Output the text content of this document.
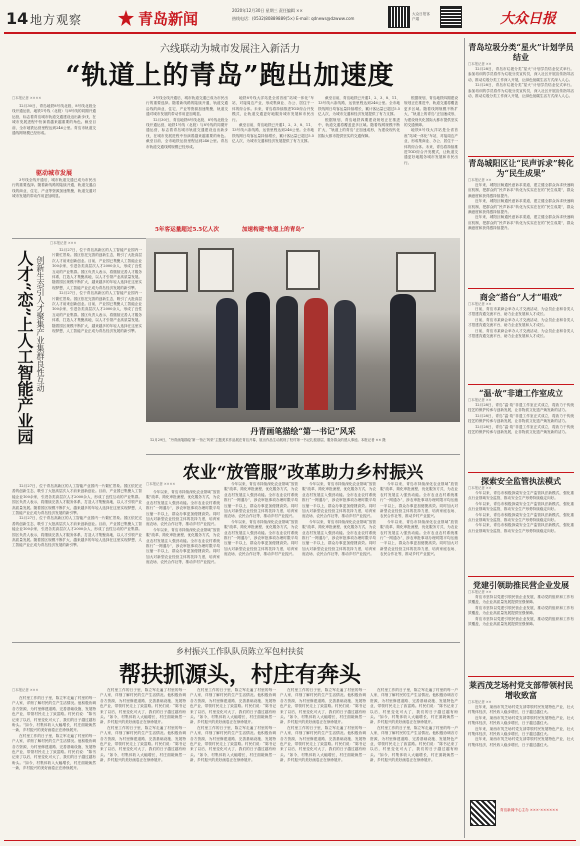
14 地方观察	青岛新闻	2020年12月30日 星期三 责任编辑 ××
热线电话：(0532)80889889(5×) E-mail: qdnews@dzwww.com
大众日报客户端	大众日报
六线联动为城市发展注入新活力
“轨道上的青岛”跑出加速度
□本报记者 ××××

12月30日，青岛地铁8号线北段、8号线北段全线开通运营，地铁1号线（北段）与8号线的同期开通运营，标志着青岛城市轨道交通建设迈出新步伐，在城市发展进程中扮演着越来越重要的角色。截至目前，全市地铁运营里程达到246公里。青岛市轨道交通线网规模已经形成。

驱动城市发展

3号线全线开通后，城市轨道交通已成为市民出行的重要选择。随着新线路的陆续开通，轨道交通沿线的商业、住宅、产业等资源加速集聚，轨道交通对城市发展的带动作用更加明显。

3号线全线开通后，城市轨道交通已成为市民出行的重要选择。随着新线路的陆续开通，轨道交通沿线的商业、住宅、产业等资源加速集聚，轨道交通对城市发展的带动作用更加明显。

12月30日，青岛地铁8号线北段、8号线北段全线开通运营，地铁1号线（北段）与8号线的同期开通运营，标志着青岛城市轨道交通建设迈出新步伐，在城市发展进程中扮演着越来越重要的角色。截至目前，全市地铁运营里程达到246公里。青岛市轨道交通线网规模已经形成。

5年客运量超过5.5亿人次

地铁8号线大洋站是全省首座“站城一体化”车站，对接周边产业，形成集商业、办公、居住于一体的综合体。未来，青岛将持续推进TOD综合开发模式，让轨道交通更好地服务城市发展和市民出行。

截至目前，青岛地铁已开通1、2、3、8、11、13号线六条线路，运营里程达到246公里。全市地铁线网日均客运量持续增长，累计客运量已超过5.5亿人次，为城市交通和经济发展提供了有力支撑。

加速构建“轨道上的青岛”

截至目前，青岛地铁已开通1、2、3、8、11、13号线六条线路，运营里程达到246公里。全市地铁线网日均客运量持续增长，累计客运量已超过5.5亿人次，为城市交通和经济发展提供了有力支撑。

根据规划，青岛地铁四期建设规划正在推进中，轨道交通将覆盖更多区域。随着线网规模不断扩大，“轨道上的青岛”正加速成形，为建设现代化国际大都市提供坚实的交通保障。

根据规划，青岛地铁四期建设规划正在推进中，轨道交通将覆盖更多区域。随着线网规模不断扩大，“轨道上的青岛”正加速成形，为建设现代化国际大都市提供坚实的交通保障。

地铁8号线大洋站是全省首座“站城一体化”车站，对接周边产业，形成集商业、办公、居住于一体的综合体。未来，青岛将持续推进TOD综合开发模式，让轨道交通更好地服务城市发展和市民出行。

□本报记者 ×××
人才“恋”上人工智能产业园 创新生态引人才聚集产业集群良性互动

12月27日，位于青岛高新区的人工智能产业园内一片繁忙景象。园区依托完善的创新生态，吸引了大批高层次人才前来创新创业。目前，产业园已集聚人工智能企业100余家，引进各类高层次人才2000余人，形成了良性互动的产业集群。园区负责人表示，将继续完善人才服务体系，打造人才集聚高地，以人才引领产业高质量发展。随着园区规模不断扩大，越来越多的年轻人选择在这里实现梦想，人工智能产业正成为青岛经济发展的新引擎。

12月27日，位于青岛高新区的人工智能产业园内一片繁忙景象。园区依托完善的创新生态，吸引了大批高层次人才前来创新创业。目前，产业园已集聚人工智能企业100余家，引进各类高层次人才2000余人，形成了良性互动的产业集群。园区负责人表示，将继续完善人才服务体系，打造人才集聚高地，以人才引领产业高质量发展。随着园区规模不断扩大，越来越多的年轻人选择在这里实现梦想，人工智能产业正成为青岛经济发展的新引擎。

丹青画笔描绘“第一书记”风采
12月29日，“丹青画笔描绘‘第一书记’风采”主题美术作品展在青岛开幕，展出作品生动展现了驻村第一书记扎根基层、服务群众的感人事迹。本报记者 ×× 摄
农业“放管服”改革助力乡村振兴
□本报记者 ××××

今年以来，青岛市持续深化农业领域“放管服”改革，简化审批流程，优化服务方式，为农业农村发展注入强劲动能。全市农业农村系统推行“一网通办”，涉农审批事项办理时限平均压缩一半以上，群众办事更加便捷高效。同时加大对新型农业经营主体的扶持力度，培育家庭农场、农民合作社等，推动乡村产业振兴。

今年以来，青岛市持续深化农业领域“放管服”改革，简化审批流程，优化服务方式，为农业农村发展注入强劲动能。全市农业农村系统推行“一网通办”，涉农审批事项办理时限平均压缩一半以上，群众办事更加便捷高效。同时加大对新型农业经营主体的扶持力度，培育家庭农场、农民合作社等，推动乡村产业振兴。

今年以来，青岛市持续深化农业领域“放管服”改革，简化审批流程，优化服务方式，为农业农村发展注入强劲动能。全市农业农村系统推行“一网通办”，涉农审批事项办理时限平均压缩一半以上，群众办事更加便捷高效。同时加大对新型农业经营主体的扶持力度，培育家庭农场、农民合作社等，推动乡村产业振兴。

今年以来，青岛市持续深化农业领域“放管服”改革，简化审批流程，优化服务方式，为农业农村发展注入强劲动能。全市农业农村系统推行“一网通办”，涉农审批事项办理时限平均压缩一半以上，群众办事更加便捷高效。同时加大对新型农业经营主体的扶持力度，培育家庭农场、农民合作社等，推动乡村产业振兴。

今年以来，青岛市持续深化农业领域“放管服”改革，简化审批流程，优化服务方式，为农业农村发展注入强劲动能。全市农业农村系统推行“一网通办”，涉农审批事项办理时限平均压缩一半以上，群众办事更加便捷高效。同时加大对新型农业经营主体的扶持力度，培育家庭农场、农民合作社等，推动乡村产业振兴。

今年以来，青岛市持续深化农业领域“放管服”改革，简化审批流程，优化服务方式，为农业农村发展注入强劲动能。全市农业农村系统推行“一网通办”，涉农审批事项办理时限平均压缩一半以上，群众办事更加便捷高效。同时加大对新型农业经营主体的扶持力度，培育家庭农场、农民合作社等，推动乡村产业振兴。

今年以来，青岛市持续深化农业领域“放管服”改革，简化审批流程，优化服务方式，为农业农村发展注入强劲动能。全市农业农村系统推行“一网通办”，涉农审批事项办理时限平均压缩一半以上，群众办事更加便捷高效。同时加大对新型农业经营主体的扶持力度，培育家庭农场、农民合作社等，推动乡村产业振兴。

今年以来，青岛市持续深化农业领域“放管服”改革，简化审批流程，优化服务方式，为农业农村发展注入强劲动能。全市农业农村系统推行“一网通办”，涉农审批事项办理时限平均压缩一半以上，群众办事更加便捷高效。同时加大对新型农业经营主体的扶持力度，培育家庭农场、农民合作社等，推动乡村产业振兴。

12月27日，位于青岛高新区的人工智能产业园内一片繁忙景象。园区依托完善的创新生态，吸引了大批高层次人才前来创新创业。目前，产业园已集聚人工智能企业100余家，引进各类高层次人才2000余人，形成了良性互动的产业集群。园区负责人表示，将继续完善人才服务体系，打造人才集聚高地，以人才引领产业高质量发展。随着园区规模不断扩大，越来越多的年轻人选择在这里实现梦想，人工智能产业正成为青岛经济发展的新引擎。

12月27日，位于青岛高新区的人工智能产业园内一片繁忙景象。园区依托完善的创新生态，吸引了大批高层次人才前来创新创业。目前，产业园已集聚人工智能企业100余家，引进各类高层次人才2000余人，形成了良性互动的产业集群。园区负责人表示，将继续完善人才服务体系，打造人才集聚高地，以人才引领产业高质量发展。随着园区规模不断扩大，越来越多的年轻人选择在这里实现梦想，人工智能产业正成为青岛经济发展的新引擎。

乡村振兴工作队队员陈立军包村扶贫
帮扶抓源头，村庄有奔头
□本报记者 ×××

在村里工作的日子里，陈立军走遍了村里的每一户人家，详细了解村民的生产生活情况。他积极协调各方资源，为村里修建道路、完善基础设施、发展特色产业，带领村民走上了致富路。村民们说：“陈书记来了以后，村里变化可大了，我们的日子越过越有盼头。”如今，村集体收入大幅增长，村庄面貌焕然一新，乡村振兴的美好画卷正在徐徐展开。

在村里工作的日子里，陈立军走遍了村里的每一户人家，详细了解村民的生产生活情况。他积极协调各方资源，为村里修建道路、完善基础设施、发展特色产业，带领村民走上了致富路。村民们说：“陈书记来了以后，村里变化可大了，我们的日子越过越有盼头。”如今，村集体收入大幅增长，村庄面貌焕然一新，乡村振兴的美好画卷正在徐徐展开。

在村里工作的日子里，陈立军走遍了村里的每一户人家，详细了解村民的生产生活情况。他积极协调各方资源，为村里修建道路、完善基础设施、发展特色产业，带领村民走上了致富路。村民们说：“陈书记来了以后，村里变化可大了，我们的日子越过越有盼头。”如今，村集体收入大幅增长，村庄面貌焕然一新，乡村振兴的美好画卷正在徐徐展开。

在村里工作的日子里，陈立军走遍了村里的每一户人家，详细了解村民的生产生活情况。他积极协调各方资源，为村里修建道路、完善基础设施、发展特色产业，带领村民走上了致富路。村民们说：“陈书记来了以后，村里变化可大了，我们的日子越过越有盼头。”如今，村集体收入大幅增长，村庄面貌焕然一新，乡村振兴的美好画卷正在徐徐展开。

在村里工作的日子里，陈立军走遍了村里的每一户人家，详细了解村民的生产生活情况。他积极协调各方资源，为村里修建道路、完善基础设施、发展特色产业，带领村民走上了致富路。村民们说：“陈书记来了以后，村里变化可大了，我们的日子越过越有盼头。”如今，村集体收入大幅增长，村庄面貌焕然一新，乡村振兴的美好画卷正在徐徐展开。

在村里工作的日子里，陈立军走遍了村里的每一户人家，详细了解村民的生产生活情况。他积极协调各方资源，为村里修建道路、完善基础设施、发展特色产业，带领村民走上了致富路。村民们说：“陈书记来了以后，村里变化可大了，我们的日子越过越有盼头。”如今，村集体收入大幅增长，村庄面貌焕然一新，乡村振兴的美好画卷正在徐徐展开。

在村里工作的日子里，陈立军走遍了村里的每一户人家，详细了解村民的生产生活情况。他积极协调各方资源，为村里修建道路、完善基础设施、发展特色产业，带领村民走上了致富路。村民们说：“陈书记来了以后，村里变化可大了，我们的日子越过越有盼头。”如今，村集体收入大幅增长，村庄面貌焕然一新，乡村振兴的美好画卷正在徐徐展开。

在村里工作的日子里，陈立军走遍了村里的每一户人家，详细了解村民的生产生活情况。他积极协调各方资源，为村里修建道路、完善基础设施、发展特色产业，带领村民走上了致富路。村民们说：“陈书记来了以后，村里变化可大了，我们的日子越过越有盼头。”如今，村集体收入大幅增长，村庄面貌焕然一新，乡村振兴的美好画卷正在徐徐展开。

在村里工作的日子里，陈立军走遍了村里的每一户人家，详细了解村民的生产生活情况。他积极协调各方资源，为村里修建道路、完善基础设施、发展特色产业，带领村民走上了致富路。村民们说：“陈书记来了以后，村里变化可大了，我们的日子越过越有盼头。”如今，村集体收入大幅增长，村庄面貌焕然一新，乡村振兴的美好画卷正在徐徐展开。

在村里工作的日子里，陈立军走遍了村里的每一户人家，详细了解村民的生产生活情况。他积极协调各方资源，为村里修建道路、完善基础设施、发展特色产业，带领村民走上了致富路。村民们说：“陈书记来了以后，村里变化可大了，我们的日子越过越有盼头。”如今，村集体收入大幅增长，村庄面貌焕然一新，乡村振兴的美好画卷正在徐徐展开。

青岛垃圾分类“星火”计划学员结业
□本报记者 ××

12月28日，青岛市垃圾分类“星火”计划学员结业仪式举行。参加培训的学员将作为垃圾分类宣传员，深入社区开展宣传指导活动，推动垃圾分类工作深入开展，让绿色低碳生活方式深入人心。

12月28日，青岛市垃圾分类“星火”计划学员结业仪式举行。参加培训的学员将作为垃圾分类宣传员，深入社区开展宣传指导活动，推动垃圾分类工作深入开展，让绿色低碳生活方式深入人心。

青岛城阳区让“民声诉求”转化为“民生成果”
□本报记者 ××

近年来，城阳区畅通民意诉求渠道，建立健全群众诉求快速响应机制，把群众的“民声诉求”转化为实实在在的“民生成果”，群众满意度和获得感持续提升。

近年来，城阳区畅通民意诉求渠道，建立健全群众诉求快速响应机制，把群众的“民声诉求”转化为实实在在的“民生成果”，群众满意度和获得感持续提升。

近年来，城阳区畅通民意诉求渠道，建立健全群众诉求快速响应机制，把群众的“民声诉求”转化为实实在在的“民生成果”，群众满意度和获得感持续提升。

商会“搭台”人才“唱戏”
□本报记者 ××

日前，青岛市某商会举办人才交流活动，为会员企业和各类人才搭建沟通交流平台，助力企业发展和人才成长。

日前，青岛市某商会举办人才交流活动，为会员企业和各类人才搭建沟通交流平台，助力企业发展和人才成长。

日前，青岛市某商会举办人才交流活动，为会员企业和各类人才搭建沟通交流平台，助力企业发展和人才成长。

“温·故”非遗工作室成立
□本报记者 ××

12月28日，青岛“温·故”非遗工作室正式成立，将致力于传统技艺的保护传承与创新发展，让非物质文化遗产焕发新的活力。

12月28日，青岛“温·故”非遗工作室正式成立，将致力于传统技艺的保护传承与创新发展，让非物质文化遗产焕发新的活力。

12月28日，青岛“温·故”非遗工作室正式成立，将致力于传统技艺的保护传承与创新发展，让非物质文化遗产焕发新的活力。

探索安全监管执法模式
□本报记者 ××

今年以来，青岛市积极探索安全生产监管执法新模式，强化重点行业领域安全监管，推动安全生产形势持续稳定向好。

今年以来，青岛市积极探索安全生产监管执法新模式，强化重点行业领域安全监管，推动安全生产形势持续稳定向好。

今年以来，青岛市积极探索安全生产监管执法新模式，强化重点行业领域安全监管，推动安全生产形势持续稳定向好。

今年以来，青岛市积极探索安全生产监管执法新模式，强化重点行业领域安全监管，推动安全生产形势持续稳定向好。

党建引领助推民营企业发展
□本报记者 ××

青岛市坚持以党建引领民营企业发展，推动党的组织和工作有效覆盖，为企业高质量发展提供坚强保障。

青岛市坚持以党建引领民营企业发展，推动党的组织和工作有效覆盖，为企业高质量发展提供坚强保障。

青岛市坚持以党建引领民营企业发展，推动党的组织和工作有效覆盖，为企业高质量发展提供坚强保障。

莱西茂芝场村党支部带领村民增收致富
□本报记者 ××

近年来，莱西市茂芝场村党支部带领村民发展特色产业，壮大村集体经济，村民收入稳步增长，日子越过越红火。

近年来，莱西市茂芝场村党支部带领村民发展特色产业，壮大村集体经济，村民收入稳步增长，日子越过越红火。

近年来，莱西市茂芝场村党支部带领村民发展特色产业，壮大村集体经济，村民收入稳步增长，日子越过越红火。

近年来，莱西市茂芝场村党支部带领村民发展特色产业，壮大村集体经济，村民收入稳步增长，日子越过越红火。

青岛新闻中心主办 ×××-××××××
